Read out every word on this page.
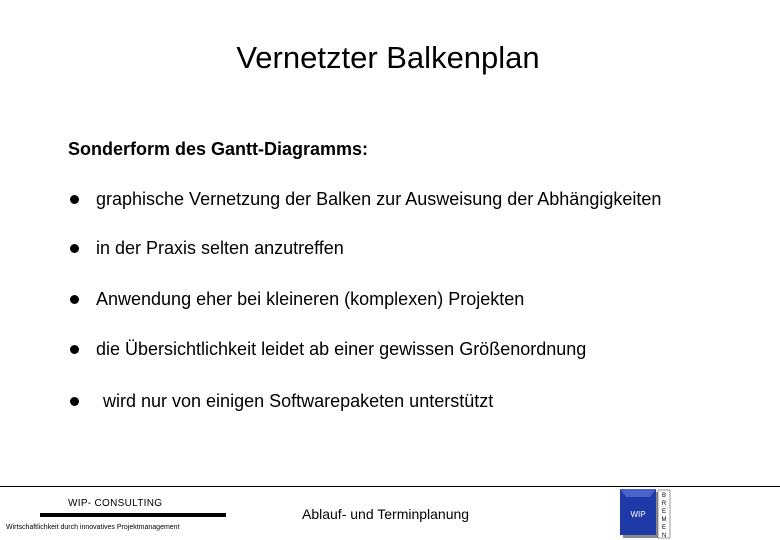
Vernetzter Balkenplan
Sonderform des Gantt-Diagramms:
graphische Vernetzung der Balken zur Ausweisung der Abhängigkeiten
in der Praxis selten anzutreffen
Anwendung eher bei kleineren (komplexen) Projekten
die Übersichtlichkeit leidet ab einer gewissen Größenordnung
wird nur von einigen Softwarepaketen unterstützt
WIP- CONSULTING
Wirtschaftlichkeit durch innovatives Projektmanagement
Ablauf- und Terminplanung	WIP
B
R
E
M
E
N
